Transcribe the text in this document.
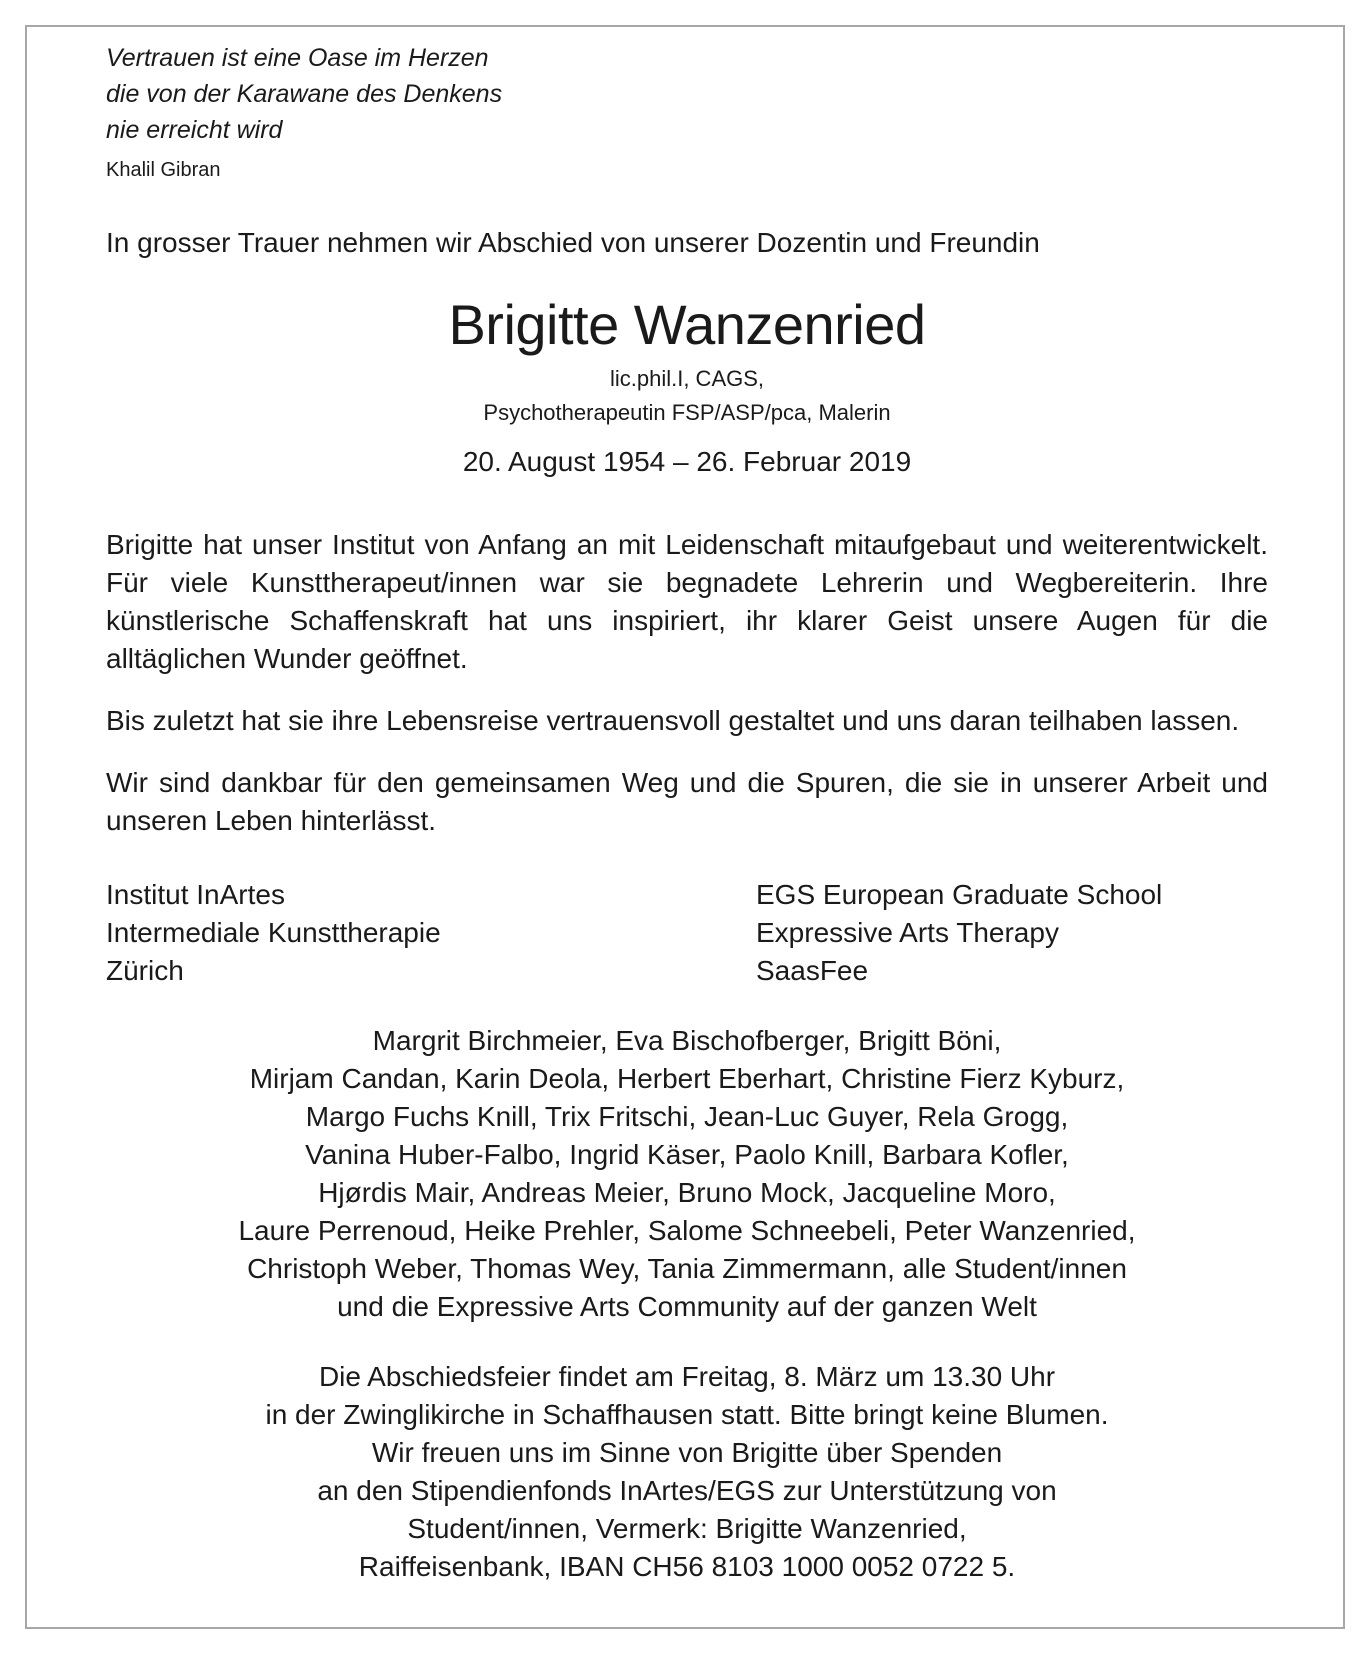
Vertrauen ist eine Oase im Herzen
die von der Karawane des Denkens
nie erreicht wird
Khalil Gibran
In grosser Trauer nehmen wir Abschied von unserer Dozentin und Freundin
Brigitte Wanzenried
lic.phil.I, CAGS,
Psychotherapeutin FSP/ASP/pca, Malerin
20. August 1954 – 26. Februar 2019
Brigitte hat unser Institut von Anfang an mit Leidenschaft mitaufgebaut und weiterentwickelt. Für viele Kunsttherapeut/innen war sie begnadete Lehrerin und Wegbereiterin. Ihre künstlerische Schaffenskraft hat uns inspiriert, ihr klarer Geist unsere Augen für die alltäglichen Wunder geöffnet.
Bis zuletzt hat sie ihre Lebensreise vertrauensvoll gestaltet und uns daran teilhaben lassen.
Wir sind dankbar für den gemeinsamen Weg und die Spuren, die sie in unserer Arbeit und unseren Leben hinterlässt.
Institut InArtes
Intermediale Kunsttherapie
Zürich
EGS European Graduate School
Expressive Arts Therapy
SaasFee
Margrit Birchmeier, Eva Bischofberger, Brigitt Böni,
Mirjam Candan, Karin Deola, Herbert Eberhart, Christine Fierz Kyburz,
Margo Fuchs Knill, Trix Fritschi, Jean-Luc Guyer, Rela Grogg,
Vanina Huber-Falbo, Ingrid Käser, Paolo Knill, Barbara Kofler,
Hjørdis Mair, Andreas Meier, Bruno Mock, Jacqueline Moro,
Laure Perrenoud, Heike Prehler, Salome Schneebeli, Peter Wanzenried,
Christoph Weber, Thomas Wey, Tania Zimmermann, alle Student/innen
und die Expressive Arts Community auf der ganzen Welt
Die Abschiedsfeier findet am Freitag, 8. März um 13.30 Uhr
in der Zwinglikirche in Schaffhausen statt. Bitte bringt keine Blumen.
Wir freuen uns im Sinne von Brigitte über Spenden
an den Stipendienfonds InArtes/EGS zur Unterstützung von
Student/innen, Vermerk: Brigitte Wanzenried,
Raiffeisenbank, IBAN CH56 8103 1000 0052 0722 5.
